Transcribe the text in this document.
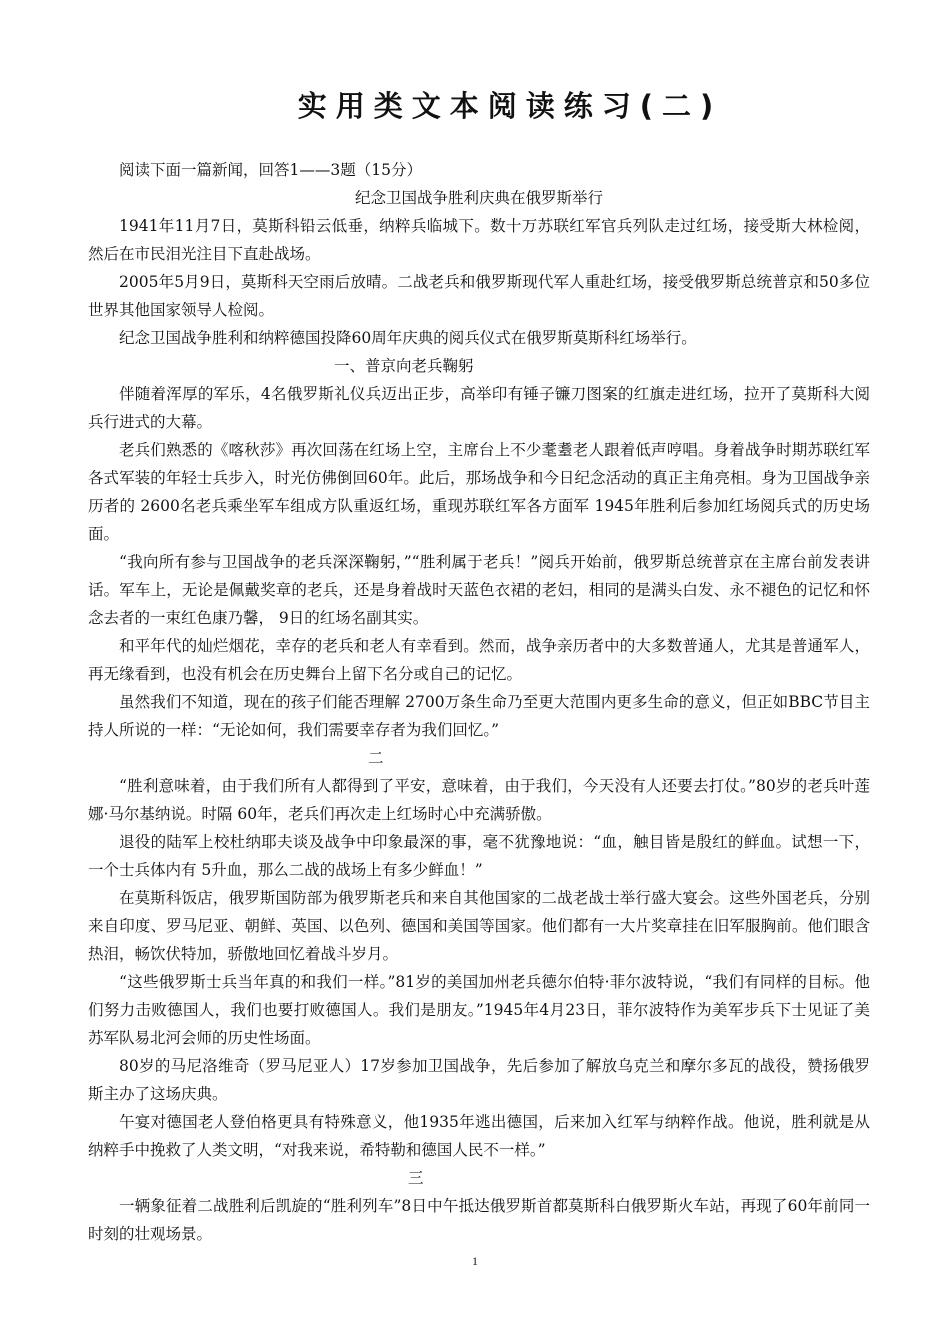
实用类文本阅读练习(二)

阅读下面一篇新闻，回答1——3题（15分）

纪念卫国战争胜利庆典在俄罗斯举行

1941年11月7日，莫斯科铅云低垂，纳粹兵临城下。数十万苏联红军官兵列队走过红场，接受斯大林检阅，然后在市民泪光注目下直赴战场。

2005年5月9日，莫斯科天空雨后放晴。二战老兵和俄罗斯现代军人重赴红场，接受俄罗斯总统普京和50多位世界其他国家领导人检阅。

纪念卫国战争胜利和纳粹德国投降60周年庆典的阅兵仪式在俄罗斯莫斯科红场举行。

一、普京向老兵鞠躬

伴随着浑厚的军乐，4名俄罗斯礼仪兵迈出正步，高举印有锤子镰刀图案的红旗走进红场，拉开了莫斯科大阅兵行进式的大幕。

老兵们熟悉的《喀秋莎》再次回荡在红场上空，主席台上不少耄耋老人跟着低声哼唱。身着战争时期苏联红军各式军装的年轻士兵步入，时光仿佛倒回60年。此后，那场战争和今日纪念活动的真正主角亮相。身为卫国战争亲历者的 2600名老兵乘坐军车组成方队重返红场，重现苏联红军各方面军 1945年胜利后参加红场阅兵式的历史场面。

“我向所有参与卫国战争的老兵深深鞠躬，”“胜利属于老兵！”阅兵开始前，俄罗斯总统普京在主席台前发表讲话。军车上，无论是佩戴奖章的老兵，还是身着战时天蓝色衣裙的老妇，相同的是满头白发、永不褪色的记忆和怀念去者的一束红色康乃馨， 9日的红场名副其实。

和平年代的灿烂烟花，幸存的老兵和老人有幸看到。然而，战争亲历者中的大多数普通人，尤其是普通军人，再无缘看到，也没有机会在历史舞台上留下名分或自己的记忆。

虽然我们不知道，现在的孩子们能否理解 2700万条生命乃至更大范围内更多生命的意义，但正如BBC节目主持人所说的一样：“无论如何，我们需要幸存者为我们回忆。”

二

“胜利意味着，由于我们所有人都得到了平安，意味着，由于我们，今天没有人还要去打仗。”80岁的老兵叶莲娜·马尔基纳说。时隔 60年，老兵们再次走上红场时心中充满骄傲。

退役的陆军上校杜纳耶夫谈及战争中印象最深的事，毫不犹豫地说：“血，触目皆是殷红的鲜血。试想一下，一个士兵体内有 5升血，那么二战的战场上有多少鲜血！”

在莫斯科饭店，俄罗斯国防部为俄罗斯老兵和来自其他国家的二战老战士举行盛大宴会。这些外国老兵，分别来自印度、罗马尼亚、朝鲜、英国、以色列、德国和美国等国家。他们都有一大片奖章挂在旧军服胸前。他们眼含热泪，畅饮伏特加，骄傲地回忆着战斗岁月。

“这些俄罗斯士兵当年真的和我们一样。”81岁的美国加州老兵德尔伯特·菲尔波特说，“我们有同样的目标。他们努力击败德国人，我们也要打败德国人。我们是朋友。”1945年4月23日，菲尔波特作为美军步兵下士见证了美苏军队易北河会师的历史性场面。

80岁的马尼洛维奇（罗马尼亚人）17岁参加卫国战争，先后参加了解放乌克兰和摩尔多瓦的战役，赞扬俄罗斯主办了这场庆典。

午宴对德国老人登伯格更具有特殊意义，他1935年逃出德国，后来加入红军与纳粹作战。他说，胜利就是从纳粹手中挽救了人类文明，“对我来说，希特勒和德国人民不一样。”

三

一辆象征着二战胜利后凯旋的“胜利列车”8日中午抵达俄罗斯首都莫斯科白俄罗斯火车站，再现了60年前同一时刻的壮观场景。

1
